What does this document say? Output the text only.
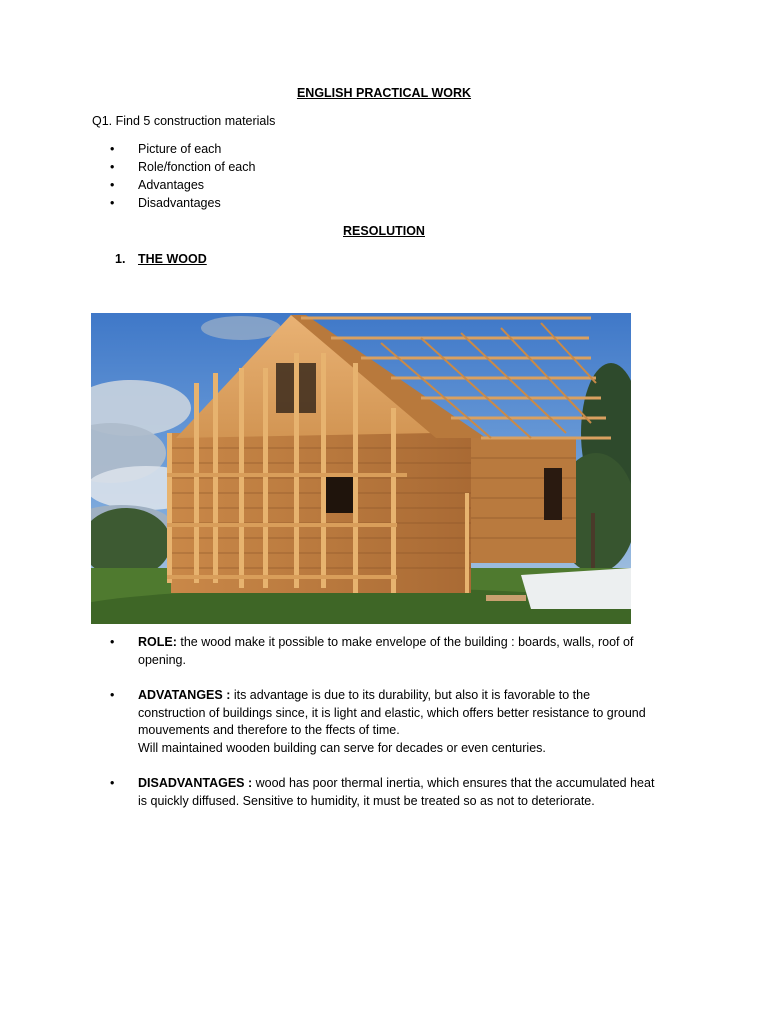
ENGLISH PRACTICAL WORK
Q1. Find 5 construction materials
• Picture of each
• Role/fonction of each
• Advantages
• Disadvantages
RESOLUTION
1. THE WOOD
• ROLE: the wood make it possible to make envelope of the building : boards, walls, roof of
opening.
• ADVATANGES : its advantage is due to its durability, but also it is favorable to the
construction of buildings since, it is light and elastic, which offers better resistance to ground
mouvements and therefore to the ffects of time.
Will maintained wooden building can serve for decades or even centuries.
• DISADVANTAGES : wood has poor thermal inertia, which ensures that the accumulated heat
is quickly diffused. Sensitive to humidity, it must be treated so as not to deteriorate.
